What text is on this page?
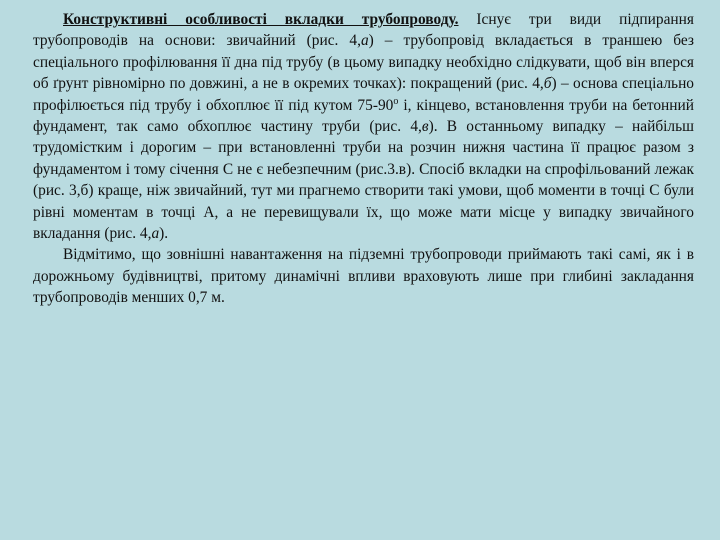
Конструктивні особливості вкладки трубопроводу. Існує три види підпирання трубопроводів на основи: звичайний (рис. 4,а) – трубопровід вкладається в траншею без спеціального профілювання її дна під трубу (в цьому випадку необхідно слідкувати, щоб він вперся об ґрунт рівномірно по довжині, а не в окремих точках): покращений (рис. 4,б) – основа спеціально профілюється під трубу і обхоплює її під кутом $75-90^о$ і, кінцево, встановлення труби на бетонний фундамент, так само обхоплює частину труби (рис. 4,в). В останньому випадку – найбільш трудомістким і дорогим – при встановленні труби на розчин нижня частина її працює разом з фундаментом і тому січення С не є небезпечним (рис.3.в). Спосіб вкладки на спрофільований лежак (рис. 3,б) краще, ніж звичайний, тут ми прагнемо створити такі умови, щоб моменти в точці С були рівні моментам в точці А, а не перевищували їх, що може мати місце у випадку звичайного вкладання (рис. 4,а).

Відмітимо, що зовнішні навантаження на підземні трубопроводи приймають такі самі, як і в дорожньому будівництві, притому динамічні впливи враховують лише при глибині закладання трубопроводів менших 0,7 м.
